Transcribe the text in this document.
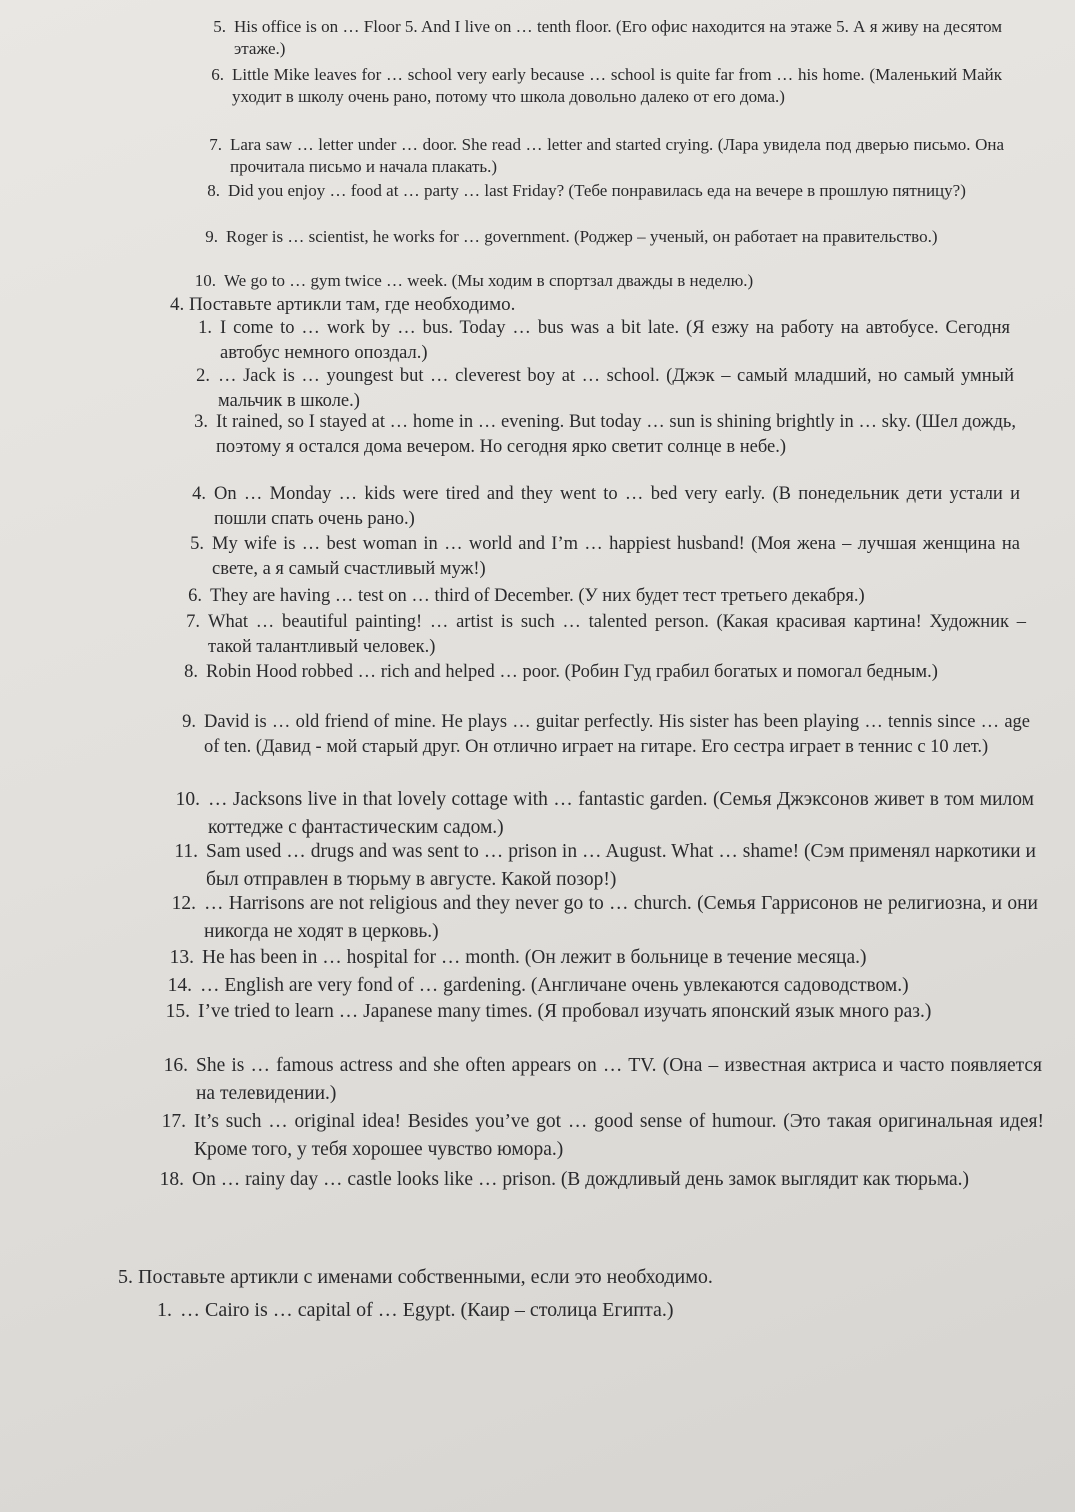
5. His office is on … Floor 5. And I live on … tenth floor. (Его офис находится на этаже 5. А я живу на десятом этаже.)
6. Little Mike leaves for … school very early because … school is quite far from … his home. (Маленький Майк уходит в школу очень рано, потому что школа довольно далеко от его дома.)
7. Lara saw … letter under … door. She read … letter and started crying. (Лара увидела под дверью письмо. Она прочитала письмо и начала плакать.)
8. Did you enjoy … food at … party … last Friday? (Тебе понравилась еда на вечере в прошлую пятницу?)
9. Roger is … scientist, he works for … government. (Роджер – ученый, он работает на правительство.)
10. We go to … gym twice … week. (Мы ходим в спортзал дважды в неделю.)
4. Поставьте артикли там, где необходимо.
1. I come to … work by … bus. Today … bus was a bit late. (Я езжу на работу на автобусе. Сегодня автобус немного опоздал.)
2. … Jack is … youngest but … cleverest boy at … school. (Джэк – самый младший, но самый умный мальчик в школе.)
3. It rained, so I stayed at … home in … evening. But today … sun is shining brightly in … sky. (Шел дождь, поэтому я остался дома вечером. Но сегодня ярко светит солнце в небе.)
4. On … Monday … kids were tired and they went to … bed very early. (В понедельник дети устали и пошли спать очень рано.)
5. My wife is … best woman in … world and I’m … happiest husband! (Моя жена – лучшая женщина на свете, а я самый счастливый муж!)
6. They are having … test on … third of December. (У них будет тест третьего декабря.)
7. What … beautiful painting! … artist is such … talented person. (Какая красивая картина! Художник – такой талантливый человек.)
8. Robin Hood robbed … rich and helped … poor. (Робин Гуд грабил богатых и помогал бедным.)
9. David is … old friend of mine. He plays … guitar perfectly. His sister has been playing … tennis since … age of ten. (Давид - мой старый друг. Он отлично играет на гитаре. Его сестра играет в теннис с 10 лет.)
10. … Jacksons live in that lovely cottage with … fantastic garden. (Семья Джэксонов живет в том милом коттедже с фантастическим садом.)
11. Sam used … drugs and was sent to … prison in … August. What … shame! (Сэм применял наркотики и был отправлен в тюрьму в августе. Какой позор!)
12. … Harrisons are not religious and they never go to … church. (Семья Гаррисонов не религиозна, и они никогда не ходят в церковь.)
13. He has been in … hospital for … month. (Он лежит в больнице в течение месяца.)
14. … English are very fond of … gardening. (Англичане очень увлекаются садоводством.)
15. I’ve tried to learn … Japanese many times. (Я пробовал изучать японский язык много раз.)
16. She is … famous actress and she often appears on … TV. (Она – известная актриса и часто появляется на телевидении.)
17. It’s such … original idea! Besides you’ve got … good sense of humour. (Это такая оригинальная идея! Кроме того, у тебя хорошее чувство юмора.)
18. On … rainy day … castle looks like … prison. (В дождливый день замок выглядит как тюрьма.)
5. Поставьте артикли с именами собственными, если это необходимо.
1. … Cairo is … capital of … Egypt. (Каир – столица Египта.)
